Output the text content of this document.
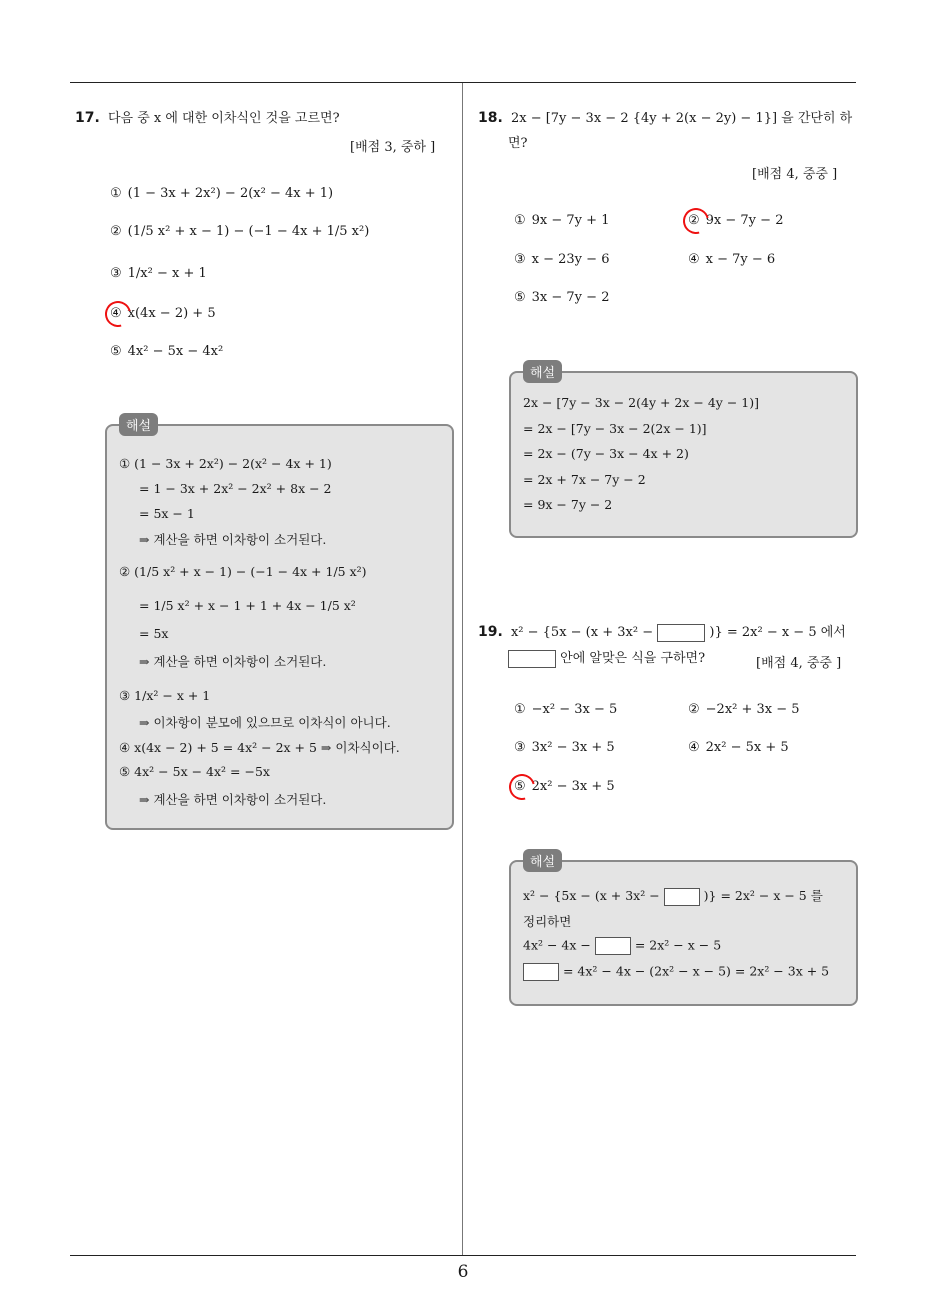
17. 다음 중 x 에 대한 이차식인 것을 고르면?
[배점 3, 중하 ]
① (1 − 3x + 2x²) − 2(x² − 4x + 1)
② (1/5 x² + x − 1) − (−1 − 4x + 1/5 x²)
③ 1/x² − x + 1
④ x(4x − 2) + 5
⑤ 4x² − 5x − 4x²
해설
① (1 − 3x + 2x²) − 2(x² − 4x + 1)
= 1 − 3x + 2x² − 2x² + 8x − 2
= 5x − 1
⇒ 계산을 하면 이차항이 소거된다.
② (1/5 x² + x − 1) − (−1 − 4x + 1/5 x²)
= 1/5 x² + x − 1 + 1 + 4x − 1/5 x²
= 5x
⇒ 계산을 하면 이차항이 소거된다.
③ 1/x² − x + 1
⇒ 이차항이 분모에 있으므로 이차식이 아니다.
④ x(4x − 2) + 5 = 4x² − 2x + 5 ⇒ 이차식이다.
⑤ 4x² − 5x − 4x² = −5x
⇒ 계산을 하면 이차항이 소거된다.
18. 2x − [7y − 3x − 2 {4y + 2(x − 2y) − 1}] 을 간단히 하
면?
[배점 4, 중중 ]
① 9x − 7y + 1	② 9x − 7y − 2
③ x − 23y − 6	④ x − 7y − 6
⑤ 3x − 7y − 2
해설
2x − [7y − 3x − 2(4y + 2x − 4y − 1)]
= 2x − [7y − 3x − 2(2x − 1)]
= 2x − (7y − 3x − 4x + 2)
= 2x + 7x − 7y − 2
= 9x − 7y − 2
19. x² − {5x − (x + 3x² −	)} = 2x² − x − 5 에서
안에 알맞은 식을 구하면?	[배점 4, 중중 ]
① −x² − 3x − 5	② −2x² + 3x − 5
③ 3x² − 3x + 5	④ 2x² − 5x + 5
⑤ 2x² − 3x + 5
해설
x² − {5x − (x + 3x² −	)} = 2x² − x − 5 를
정리하면
4x² − 4x −	= 2x² − x − 5
= 4x² − 4x − (2x² − x − 5) = 2x² − 3x + 5
6
